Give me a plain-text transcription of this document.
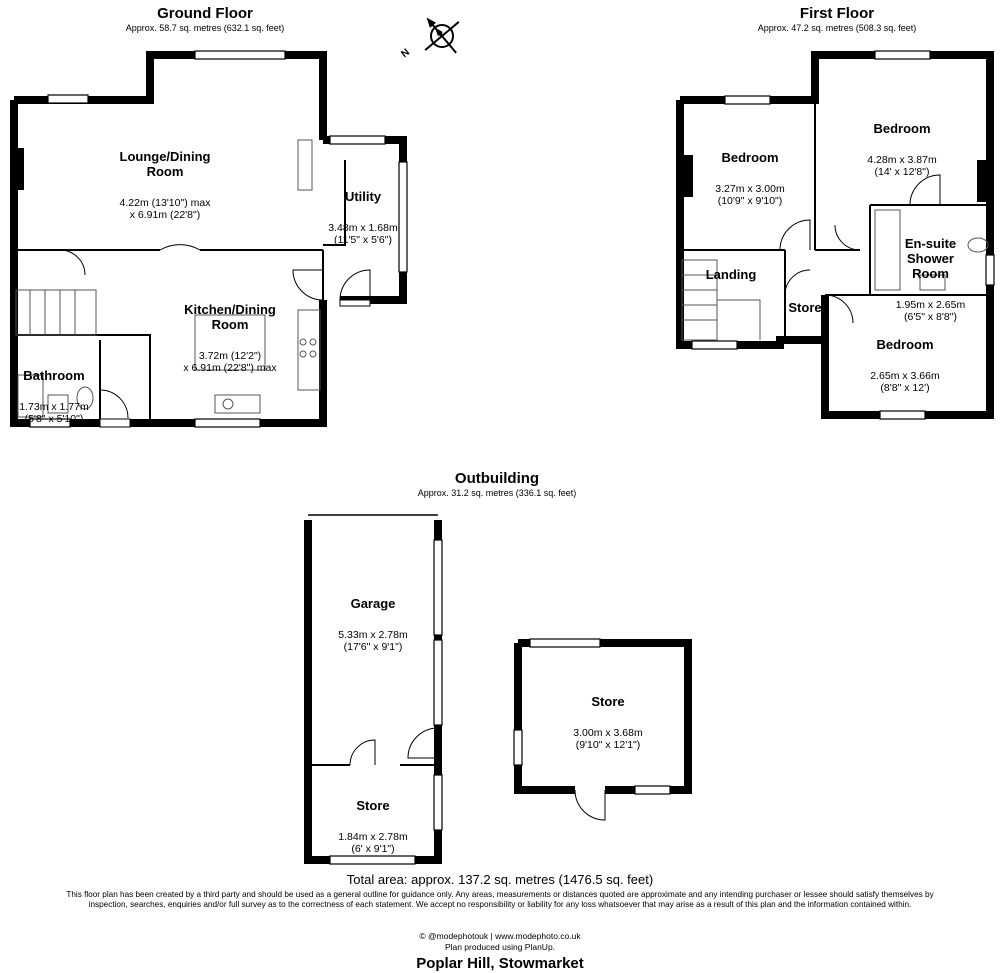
Ground Floor
Approx. 58.7 sq. metres (632.1 sq. feet)
First Floor
Approx. 47.2 sq. metres (508.3 sq. feet)
Outbuilding
Approx. 31.2 sq. metres (336.1 sq. feet)
N

Lounge/Dining
Room

4.22m (13'10") max
x 6.91m (22'8")

Utility

3.48m x 1.68m
(11'5" x 5'6")

Kitchen/Dining
Room

3.72m (12'2")
x 6.91m (22'8") max

Bathroom

1.73m x 1.77m
(5'8" x 5'10")

Bedroom

3.27m x 3.00m
(10'9" x 9'10")

Bedroom

4.28m x 3.87m
(14' x 12'8")

En-suite
Shower
Room

1.95m x 2.65m
(6'5" x 8'8")

Landing
Store

Bedroom

2.65m x 3.66m
(8'8" x 12')

Garage

5.33m x 2.78m
(17'6" x 9'1")

Store

1.84m x 2.78m
(6' x 9'1")

Store

3.00m x 3.68m
(9'10" x 12'1")

Total area: approx. 137.2 sq. metres (1476.5 sq. feet)
This floor plan has been created by a third party and should be used as a general outline for guidance only. Any areas, measurements or distances quoted are approximate and any intending purchaser or lessee should satisfy themselves by inspection, searches, enquiries and/or full survey as to the correctness of each statement. We accept no responsibility or liability for any loss whatsoever that may arise as a result of this plan and the information contained within.
© @modephotouk | www.modephoto.co.uk
Plan produced using PlanUp.
Poplar Hill, Stowmarket
